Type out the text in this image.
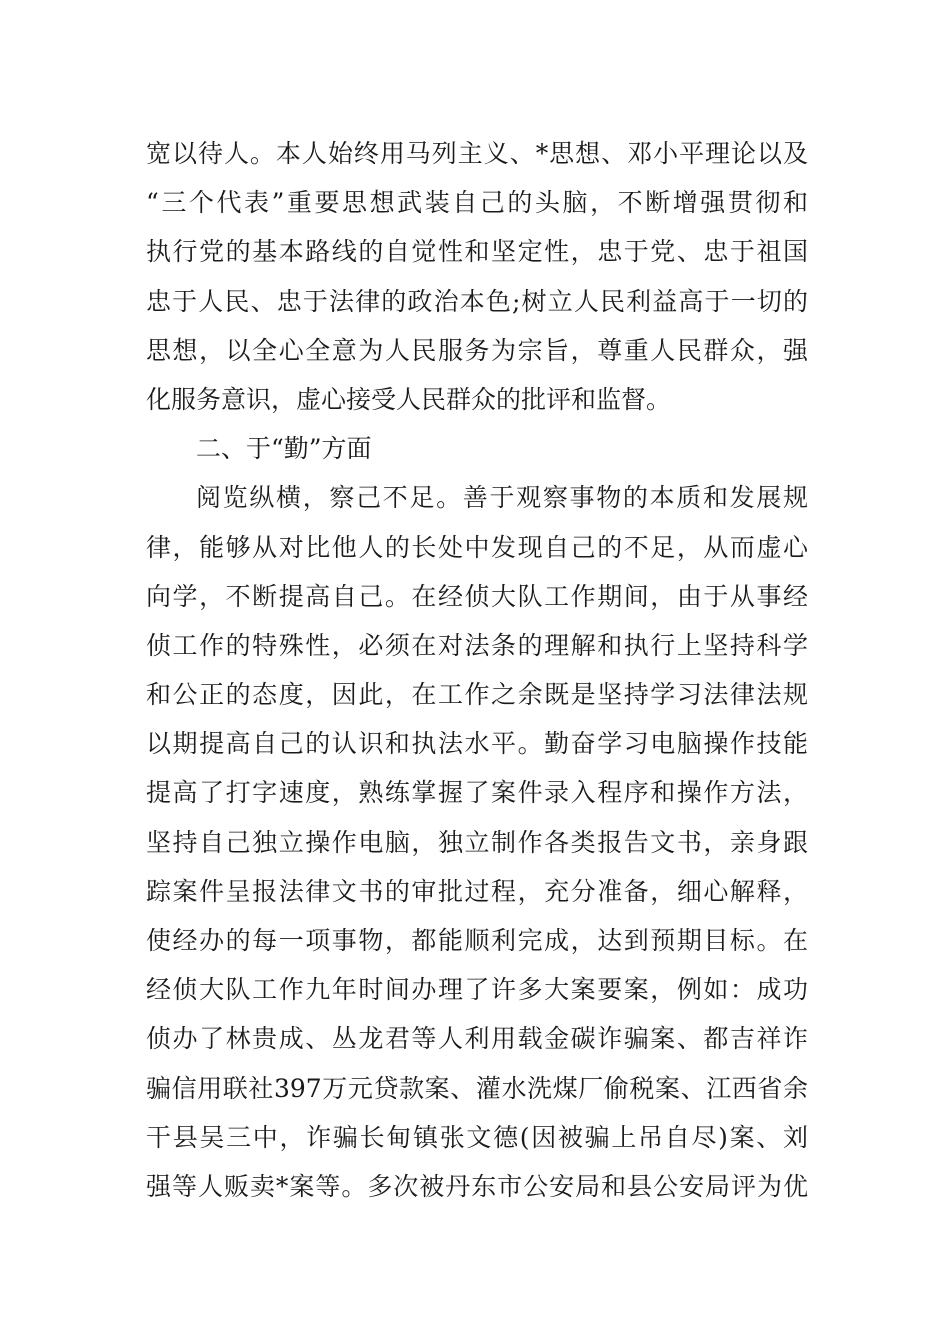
宽以待人。本人始终用马列主义、*思想、邓小平理论以及
“三个代表”重要思想武装自己的头脑，不断增强贯彻和
执行党的基本路线的自觉性和坚定性，忠于党、忠于祖国
忠于人民、忠于法律的政治本色;树立人民利益高于一切的
思想，以全心全意为人民服务为宗旨，尊重人民群众，强
化服务意识，虚心接受人民群众的批评和监督。
二、于“勤”方面
阅览纵横，察己不足。善于观察事物的本质和发展规
律，能够从对比他人的长处中发现自己的不足，从而虚心
向学，不断提高自己。在经侦大队工作期间，由于从事经
侦工作的特殊性，必须在对法条的理解和执行上坚持科学
和公正的态度，因此，在工作之余既是坚持学习法律法规
以期提高自己的认识和执法水平。勤奋学习电脑操作技能
提高了打字速度，熟练掌握了案件录入程序和操作方法，
坚持自己独立操作电脑，独立制作各类报告文书，亲身跟
踪案件呈报法律文书的审批过程，充分准备，细心解释，
使经办的每一项事物，都能顺利完成，达到预期目标。在
经侦大队工作九年时间办理了许多大案要案，例如：成功
侦办了林贵成、丛龙君等人利用载金碳诈骗案、都吉祥诈
骗信用联社397万元贷款案、灌水洗煤厂偷税案、江西省余
干县吴三中，诈骗长甸镇张文德(因被骗上吊自尽)案、刘
强等人贩卖*案等。多次被丹东市公安局和县公安局评为优
